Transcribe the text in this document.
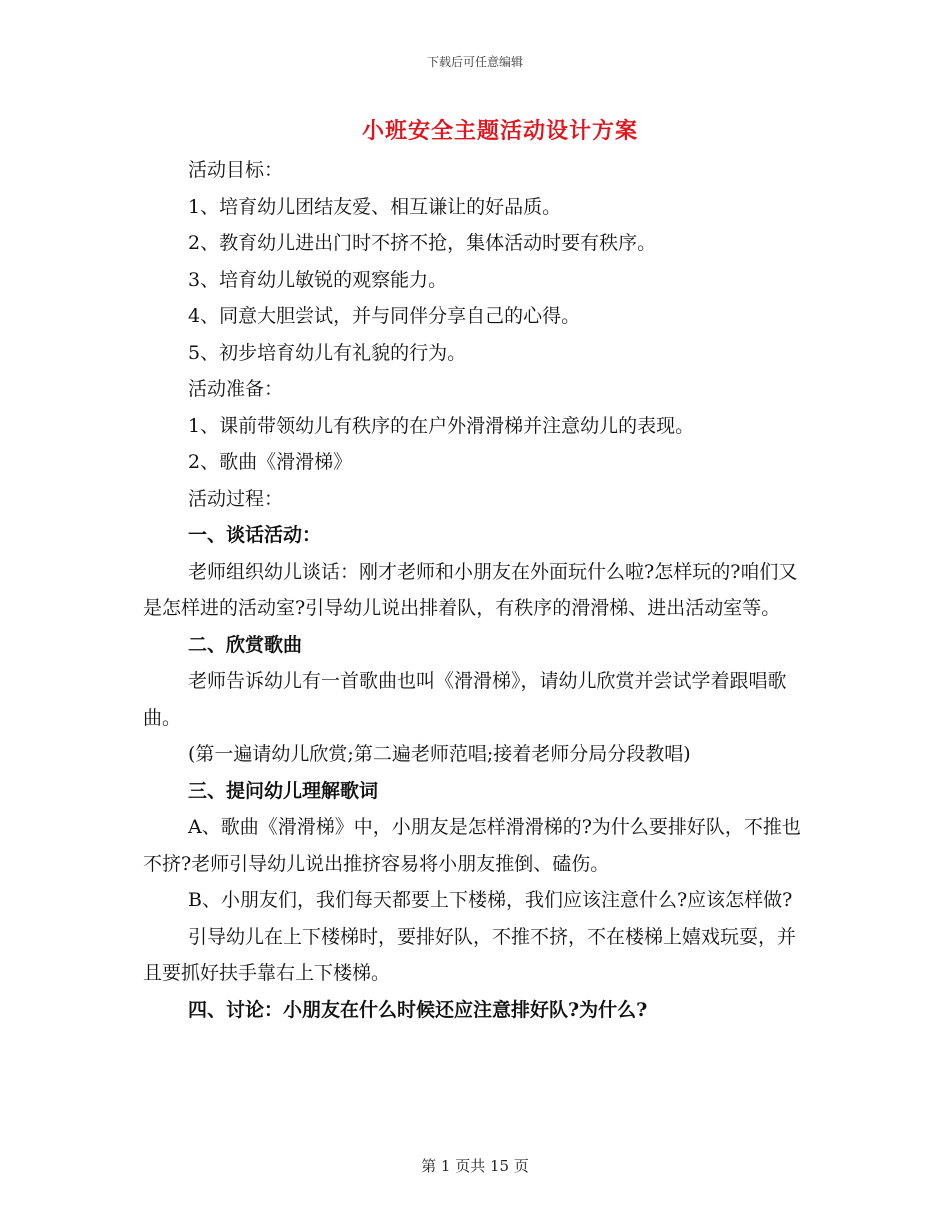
下载后可任意编辑
小班安全主题活动设计方案

活动目标：

1、培育幼儿团结友爱、相互谦让的好品质。

2、教育幼儿进出门时不挤不抢，集体活动时要有秩序。

3、培育幼儿敏锐的观察能力。

4、同意大胆尝试，并与同伴分享自己的心得。

5、初步培育幼儿有礼貌的行为。

活动准备：

1、课前带领幼儿有秩序的在户外滑滑梯并注意幼儿的表现。

2、歌曲《滑滑梯》

活动过程：

一、谈话活动：

老师组织幼儿谈话：刚才老师和小朋友在外面玩什么啦?怎样玩的?咱们又是怎样进的活动室?引导幼儿说出排着队，有秩序的滑滑梯、进出活动室等。

二、欣赏歌曲

老师告诉幼儿有一首歌曲也叫《滑滑梯》，请幼儿欣赏并尝试学着跟唱歌曲。

(第一遍请幼儿欣赏;第二遍老师范唱;接着老师分局分段教唱)

三、提问幼儿理解歌词

A、歌曲《滑滑梯》中，小朋友是怎样滑滑梯的?为什么要排好队，不推也不挤?老师引导幼儿说出推挤容易将小朋友推倒、磕伤。

B、小朋友们，我们每天都要上下楼梯，我们应该注意什么?应该怎样做?

引导幼儿在上下楼梯时，要排好队，不推不挤，不在楼梯上嬉戏玩耍，并且要抓好扶手靠右上下楼梯。

四、讨论：小朋友在什么时候还应注意排好队?为什么?

第 1 页共 15 页
